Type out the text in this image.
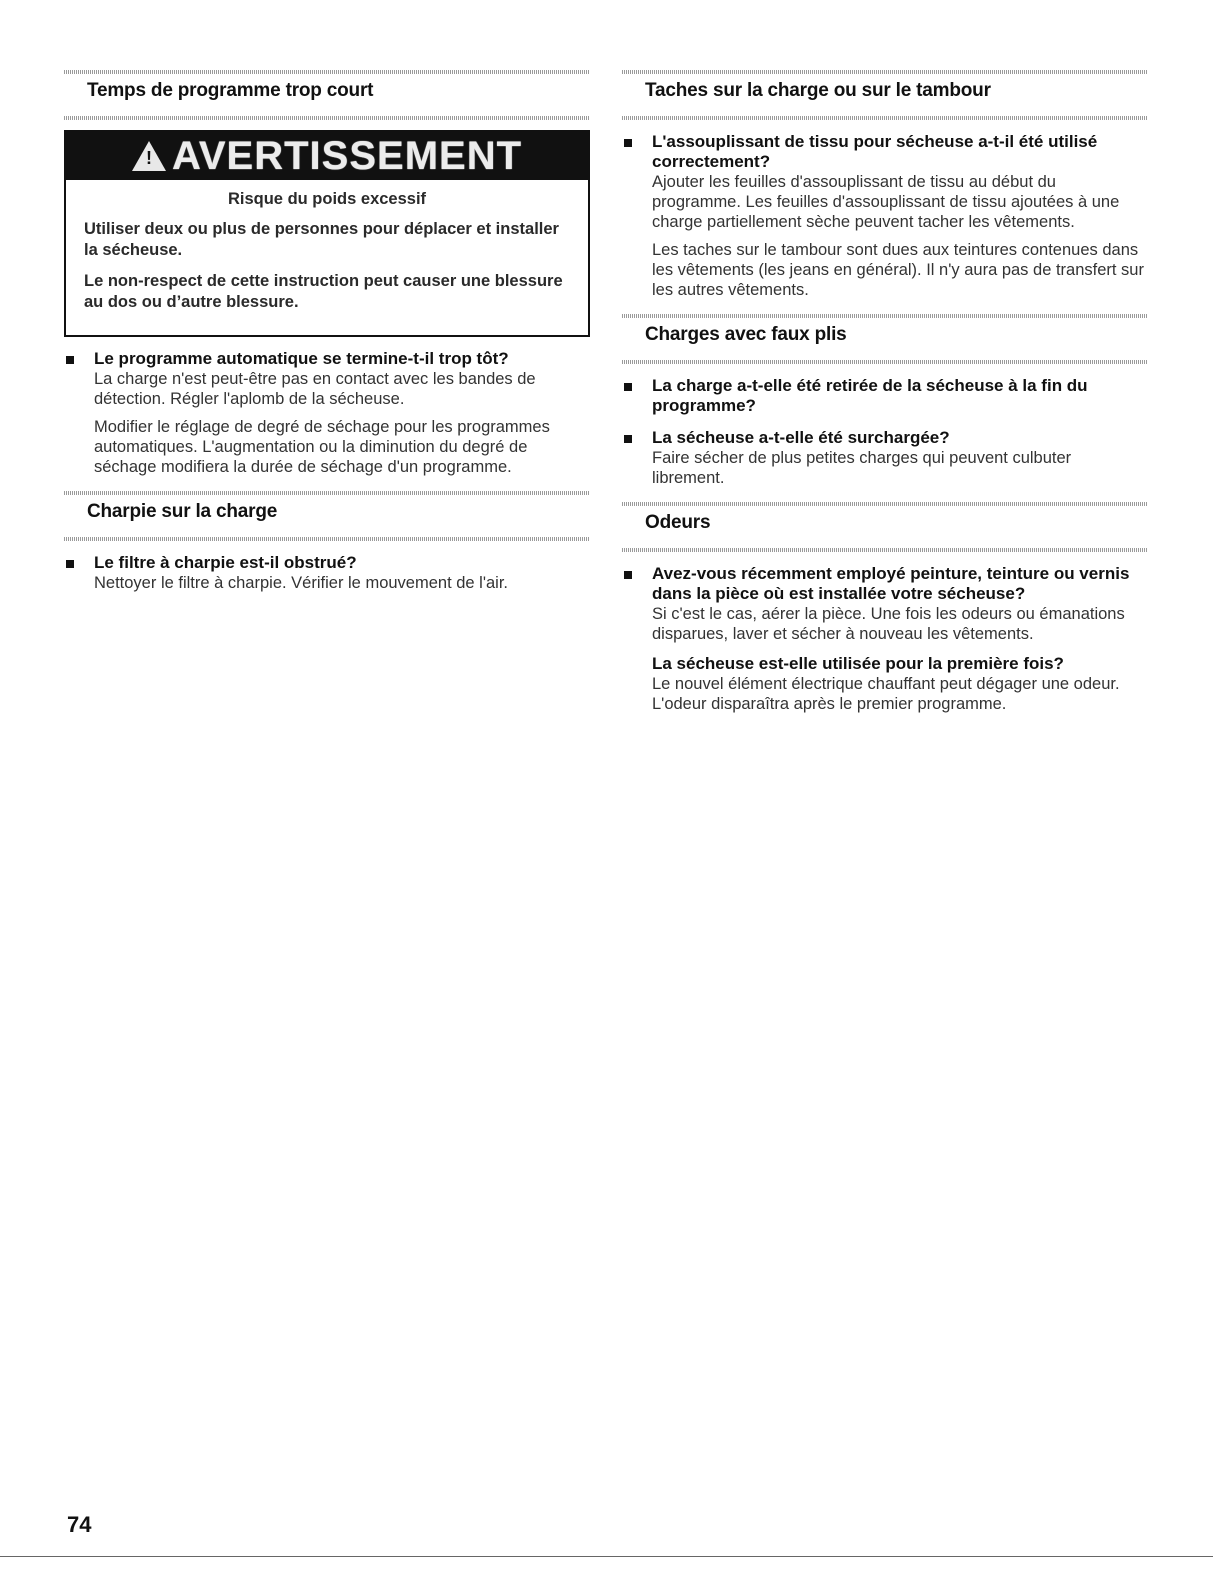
Temps de programme trop court
! AVERTISSEMENT

Risque du poids excessif

Utiliser deux ou plus de personnes pour déplacer et installer la sécheuse.

Le non-respect de cette instruction peut causer une blessure au dos ou d’autre blessure.

Le programme automatique se termine-t-il trop tôt?

La charge n'est peut-être pas en contact avec les bandes de détection. Régler l'aplomb de la sécheuse.

Modifier le réglage de degré de séchage pour les programmes automatiques. L'augmentation ou la diminution du degré de séchage modifiera la durée de séchage d'un programme.

Charpie sur la charge

Le filtre à charpie est-il obstrué?

Nettoyer le filtre à charpie. Vérifier le mouvement de l'air.

Taches sur la charge ou sur le tambour

L'assouplissant de tissu pour sécheuse a-t-il été utilisé correctement?

Ajouter les feuilles d'assouplissant de tissu au début du programme. Les feuilles d'assouplissant de tissu ajoutées à une charge partiellement sèche peuvent tacher les vêtements.

Les taches sur le tambour sont dues aux teintures contenues dans les vêtements (les jeans en général). Il n'y aura pas de transfert sur les autres vêtements.

Charges avec faux plis

La charge a-t-elle été retirée de la sécheuse à la fin du programme?

La sécheuse a-t-elle été surchargée?

Faire sécher de plus petites charges qui peuvent culbuter librement.

Odeurs

Avez-vous récemment employé peinture, teinture ou vernis dans la pièce où est installée votre sécheuse?

Si c'est le cas, aérer la pièce. Une fois les odeurs ou émanations disparues, laver et sécher à nouveau les vêtements.

La sécheuse est-elle utilisée pour la première fois?

Le nouvel élément électrique chauffant peut dégager une odeur. L'odeur disparaîtra après le premier programme.

74
